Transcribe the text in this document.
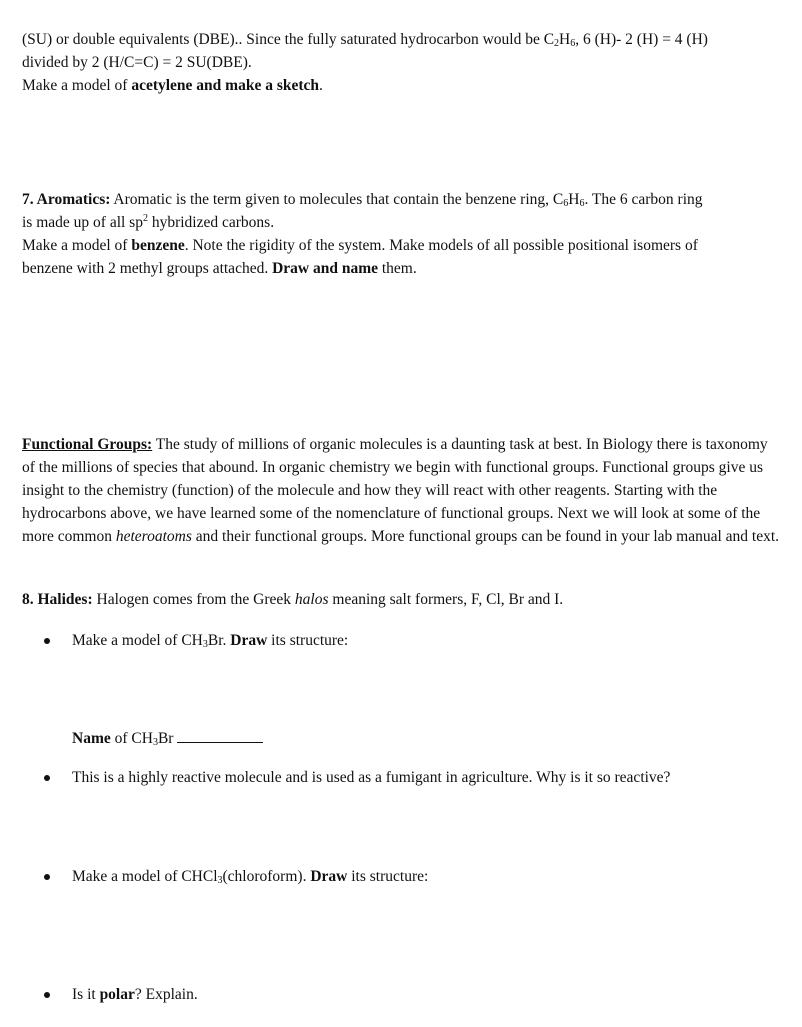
(SU) or double equivalents (DBE).. Since the fully saturated hydrocarbon would be $C_2H_6$, 6 (H)- 2 (H) = 4 (H)
divided by 2 (H/C=C) = 2 SU(DBE).
Make a model of acetylene and make a sketch.

7. Aromatics: Aromatic is the term given to molecules that contain the benzene ring, $C_6H_6$. The 6 carbon ring
is made up of all $sp^2$ hybridized carbons.
Make a model of benzene. Note the rigidity of the system. Make models of all possible positional isomers of
benzene with 2 methyl groups attached. Draw and name them.

Functional Groups: The study of millions of organic molecules is a daunting task at best. In Biology there is taxonomy of the millions of species that abound. In organic chemistry we begin with functional groups. Functional groups give us insight to the chemistry (function) of the molecule and how they will react with other reagents. Starting with the hydrocarbons above, we have learned some of the nomenclature of functional groups. Next we will look at some of the more common heteroatoms and their functional groups. More functional groups can be found in your lab manual and text.

8. Halides: Halogen comes from the Greek halos meaning salt formers, F, Cl, Br and I.

Make a model of $CH_3Br$. Draw its structure:
Name of $CH_3Br$
This is a highly reactive molecule and is used as a fumigant in agriculture. Why is it so reactive?
Make a model of CHCl$_3$(chloroform). Draw its structure:
Is it polar? Explain.
